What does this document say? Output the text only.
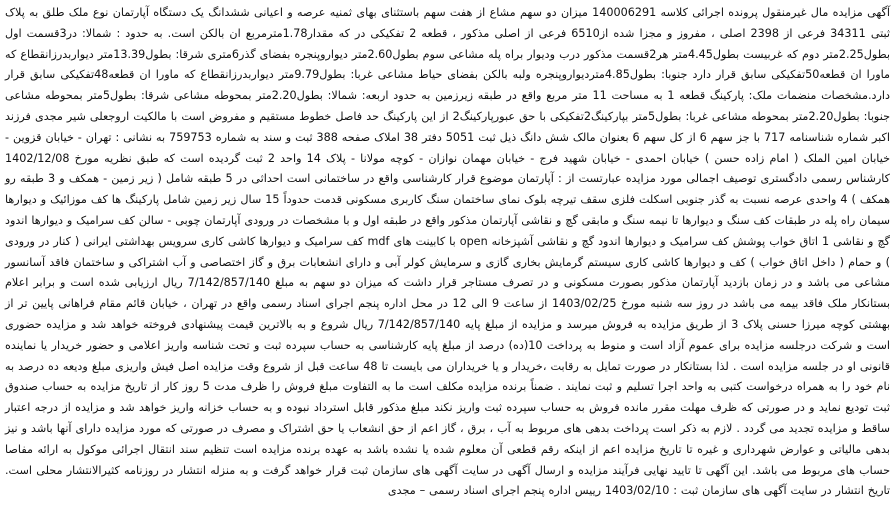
آگهی مزایده مال غیرمنقول پرونده اجرائی کلاسه 140006291 میزان دو سهم مشاع از هفت سهم باستثنای بهای ثمنیه عرصه و اعیانی ششدانگ یک دستگاه آپارتمان نوع ملک طلق به پلاک ثبتی 34311 فرعی از 2398 اصلی ، مفروز و مجزا شده از6510 فرعی از اصلی مذکور ، قطعه 2 تفکیکی در که مقدار1.78مترمربع ان بالکن است. به حدود : شمالا: در3قسمت اول بطول2.25متر دوم که غربیست بطول4.45متر هر2قسمت مذکور درب وديوار براه پله مشاعی سوم بطول2.60متر ديواروپنجره بفضای گذر6متری شرقا: بطول13.39متر دیواربدرزانقطاع که ماورا ان قطعه50تفکیکی سابق قرار دارد جنوبا: بطول4.85متردیواروپنجره ولبه بالکن بفضای حیاط مشاعی غربا: بطول9.79متر دیواربدرزانقطاع که ماورا ان قطعه48تفکیکی سابق قرار دارد.مشخصات منضمات ملک: پارکینگ قطعه 1 به مساحت 11 متر مربع واقع در طبقه زیرزمین به حدود اربعه: شمالا: بطول2.20متر بمحوطه مشاعی شرقا: بطول5متر بمحوطه مشاعی جنوبا: بطول2.20متر بمحوطه مشاعی غربا: بطول5متر بپارکینگ2تفکیکی با حق عبورپارکینگ2 از این پارکینگ حد فاصل خطوط مستقیم و مفروض است با مالکیت اروجعلی شیر مجدی فرزند اکبر شماره شناسنامه 717 با جز سهم 6 از کل سهم 6 بعنوان مالک شش دانگ ذیل ثبت 5051 دفتر 38 املاک صفحه 388 ثبت و سند به شماره 759753 به نشانی : تهران - خیابان قزوین - خیابان امین الملک ( امام زاده حسن ) خیابان احمدی - خیابان شهید فرج - خیابان مهمان نوازان - کوچه مولانا - پلاک 14 واحد 2 ثبت گردیده است که طبق نظریه مورخ 1402/12/08 کارشناس رسمی دادگستری توصیف اجمالی مورد مزایده عبارتست از : آپارتمان موضوع قرار کارشناسی واقع در ساختمانی است احداثی در 5 طبقه شامل ( زیر زمین - همکف و 3 طبقه رو همکف ) 4 واحدی عرصه نسبت به گذر جنوبی اسکلت فلزی سقف تیرچه بلوک نمای ساختمان سنگ کاربری مسکونی قدمت حدوداً 15 سال زیر زمین شامل پارکینگ ها کف موزائیک و دیوارها سیمان راه پله در طبقات کف سنگ و دیوارها تا نیمه سنگ و مابقی گچ و نقاشی آپارتمان مذکور واقع در طبقه اول و با مشخصات در ورودی آپارتمان چوبی - سالن کف سرامیک و دیوارها اندود گچ و نقاشی 1 اتاق خواب پوشش کف سرامیک و دیوارها اندود گچ و نقاشی آشپزخانه open با کابینت های mdf کف سرامیک و دیوارها کاشی کاری سرویس بهداشتی ایرانی ( کنار در ورودی ) و حمام ( داخل اتاق خواب ) کف و دیوارها کاشی کاری سیستم گرمایش بخاری گازی و سرمایش کولر آبی و دارای انشعابات برق و گاز اختصاصی و آب اشتراکی و ساختمان فاقد آسانسور مشاعی می باشد و در زمان بازدید آپارتمان مذکور بصورت مسکونی و در تصرف مستاجر قرار داشت که میزان دو سهم به مبلغ 7/142/857/140 ریال ارزیابی شده است و برابر اعلام بستانکار ملک فاقد بیمه می باشد در روز سه شنبه مورخ 1403/02/25 از ساعت 9 الی 12 در محل اداره پنجم اجرای اسناد رسمی واقع در تهران ، خیابان قائم مقام فراهانی پایین تر از بهشتی کوچه میرزا حسنی پلاک 3 از طریق مزایده به فروش میرسد و مزایده از مبلغ پایه 7/142/857/140 ریال شروع و به بالاترین قیمت پیشنهادی فروخته خواهد شد و مزایده حضوری است و شرکت درجلسه مزایده برای عموم آزاد است و منوط به پرداخت 10(ده) درصد از مبلغ پایه کارشناسی به حساب سپرده ثبت و تحت شناسه واریز اعلامی و حضور خریدار یا نماینده قانونی او در جلسه مزایده است . لذا بستانکار در صورت تمایل به رقابت ،خریدار و یا خریداران می بایست تا 48 ساعت قبل از شروع وقت مزایده اصل فیش واریزی مبلغ ودیعه ده درصد به نام خود را به همراه درخواست کتبی به واحد اجرا تسلیم و ثبت نمایند . ضمناً برنده مزایده مکلف است ما به التفاوت مبلغ فروش را ظرف مدت 5 روز کار از تاریخ مزایده به حساب صندوق ثبت تودیع نماید و در صورتی که ظرف مهلت مقرر مانده فروش به حساب سپرده ثبت واریز نکند مبلغ مذکور قابل استرداد نبوده و به حساب خزانه واریز خواهد شد و مزایده از درجه اعتبار ساقط و مزایده تجدید می گردد . لازم به ذکر است پرداخت بدهی های مربوط به آب ، برق ، گاز اعم از حق انشعاب یا حق اشتراک و مصرف در صورتی که مورد مزایده دارای آنها باشد و نیز بدهی مالیاتی و عوارض شهرداری و غیره تا تاریخ مزایده اعم از اینکه رقم قطعی آن معلوم شده یا نشده باشد به عهده برنده مزایده است تنظیم سند انتقال اجرائی موکول به ارائه مفاصا حساب های مربوط می باشد. این آگهی تا تایید نهایی فرآیند مزایده و ارسال آگهی در سایت آگهی های سازمان ثبت قرار خواهد گرفت و به منزله انتشار در روزنامه کثیرالانتشار محلی است. تاریخ انتشار در سایت آگهی های سازمان ثبت : 1403/02/10 رییس اداره پنجم اجرای اسناد رسمی – مجدی
